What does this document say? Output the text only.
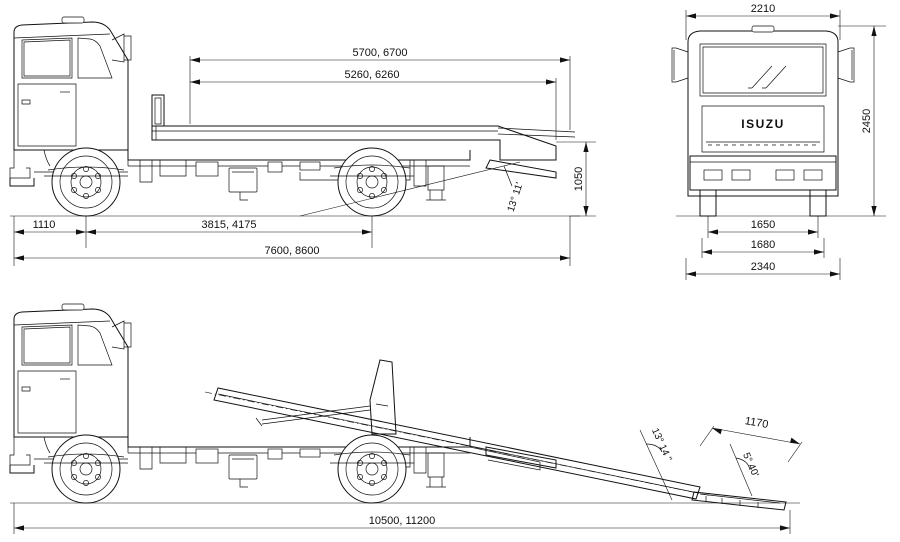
5700, 6700
5260, 6260
1110	3815, 4175
7600, 8600
1050
13° 11'
2210
ISUZU	2450
1650
1680
2340
10500, 11200
1170
13° 14 "
5° 40'
